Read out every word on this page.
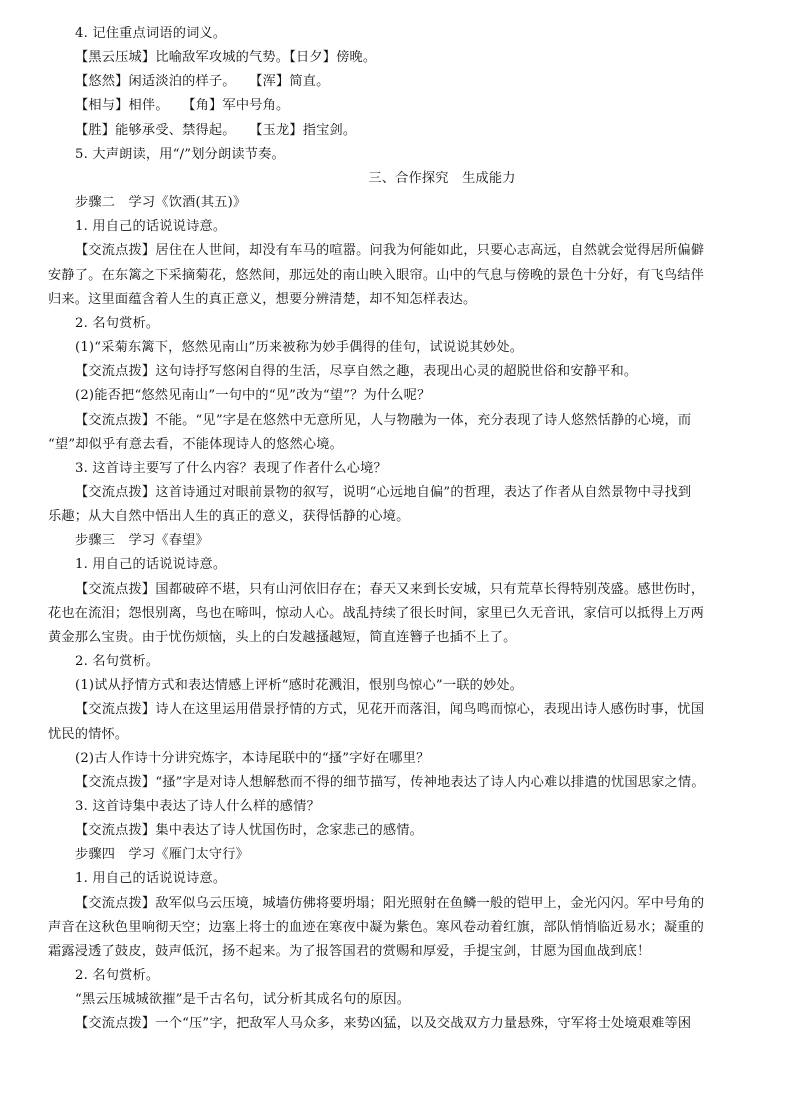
4. 记住重点词语的词义。
【黑云压城】比喻敌军攻城的气势。【日夕】傍晚。
【悠然】闲适淡泊的样子。　　【浑】简直。
【相与】相伴。　　【角】军中号角。
【胜】能够承受、禁得起。　　【玉龙】指宝剑。
5. 大声朗读，用“/”划分朗读节奏。
三、合作探究　生成能力
步骤二　学习《饮酒(其五)》
1. 用自己的话说说诗意。
【交流点拨】居住在人世间，却没有车马的喧嚣。问我为何能如此，只要心志高远，自然就会觉得居所偏僻
安静了。在东篱之下采摘菊花，悠然间，那远处的南山映入眼帘。山中的气息与傍晚的景色十分好，有飞鸟结伴
归来。这里面蕴含着人生的真正意义，想要分辨清楚，却不知怎样表达。
2. 名句赏析。
(1)“采菊东篱下，悠然见南山”历来被称为妙手偶得的佳句，试说说其妙处。
【交流点拨】这句诗抒写悠闲自得的生活，尽享自然之趣，表现出心灵的超脱世俗和安静平和。
(2)能否把“悠然见南山”一句中的“见”改为“望”？为什么呢？
【交流点拨】不能。“见”字是在悠然中无意所见，人与物融为一体，充分表现了诗人悠然恬静的心境，而
“望”却似乎有意去看，不能体现诗人的悠然心境。
3. 这首诗主要写了什么内容？表现了作者什么心境？
【交流点拨】这首诗通过对眼前景物的叙写，说明“心远地自偏”的哲理，表达了作者从自然景物中寻找到
乐趣；从大自然中悟出人生的真正的意义，获得恬静的心境。
步骤三　学习《春望》
1. 用自己的话说说诗意。
【交流点拨】国都破碎不堪，只有山河依旧存在；春天又来到长安城，只有荒草长得特别茂盛。感世伤时，
花也在流泪；怨恨别离，鸟也在啼叫，惊动人心。战乱持续了很长时间，家里已久无音讯，家信可以抵得上万两
黄金那么宝贵。由于忧伤烦恼，头上的白发越搔越短，简直连簪子也插不上了。
2. 名句赏析。
(1)试从抒情方式和表达情感上评析“感时花溅泪，恨别鸟惊心”一联的妙处。
【交流点拨】诗人在这里运用借景抒情的方式，见花开而落泪，闻鸟鸣而惊心，表现出诗人感伤时事，忧国
忧民的情怀。
(2)古人作诗十分讲究炼字，本诗尾联中的“搔”字好在哪里？
【交流点拨】“搔”字是对诗人想解愁而不得的细节描写，传神地表达了诗人内心难以排遣的忧国思家之情。
3. 这首诗集中表达了诗人什么样的感情？
【交流点拨】集中表达了诗人忧国伤时，念家悲己的感情。
步骤四　学习《雁门太守行》
1. 用自己的话说说诗意。
【交流点拨】敌军似乌云压境，城墙仿佛将要坍塌；阳光照射在鱼鳞一般的铠甲上，金光闪闪。军中号角的
声音在这秋色里响彻天空；边塞上将士的血迹在寒夜中凝为紫色。寒风卷动着红旗，部队悄悄临近易水；凝重的
霜露浸透了鼓皮，鼓声低沉，扬不起来。为了报答国君的赏赐和厚爱，手提宝剑，甘愿为国血战到底！
2. 名句赏析。
“黑云压城城欲摧”是千古名句，试分析其成名句的原因。
【交流点拨】一个“压”字，把敌军人马众多，来势凶猛，以及交战双方力量悬殊，守军将士处境艰难等困
